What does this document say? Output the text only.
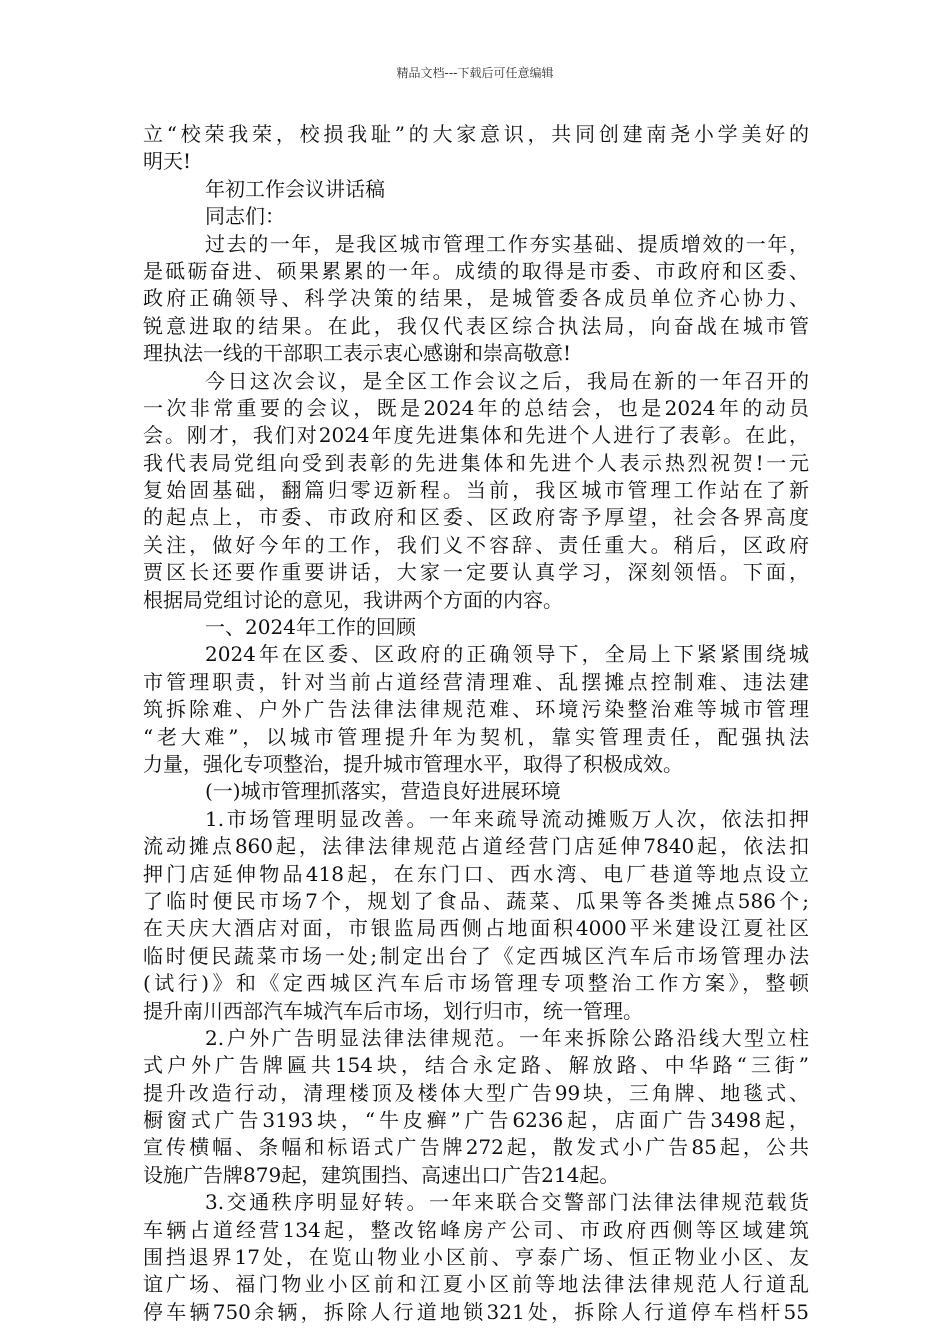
精品文档---下载后可任意编辑
立“校荣我荣，校损我耻”的大家意识，共同创建南尧小学美好的
明天!
年初工作会议讲话稿
同志们：
过去的一年，是我区城市管理工作夯实基础、提质增效的一年，
是砥砺奋进、硕果累累的一年。成绩的取得是市委、市政府和区委、
政府正确领导、科学决策的结果，是城管委各成员单位齐心协力、
锐意进取的结果。在此，我仅代表区综合执法局，向奋战在城市管
理执法一线的干部职工表示衷心感谢和崇高敬意!
今日这次会议，是全区工作会议之后，我局在新的一年召开的
一次非常重要的会议，既是2024年的总结会，也是2024年的动员
会。刚才，我们对2024年度先进集体和先进个人进行了表彰。在此，
我代表局党组向受到表彰的先进集体和先进个人表示热烈祝贺!一元
复始固基础，翻篇归零迈新程。当前，我区城市管理工作站在了新
的起点上，市委、市政府和区委、区政府寄予厚望，社会各界高度
关注，做好今年的工作，我们义不容辞、责任重大。稍后，区政府
贾区长还要作重要讲话，大家一定要认真学习，深刻领悟。下面，
根据局党组讨论的意见，我讲两个方面的内容。
一、2024年工作的回顾
2024年在区委、区政府的正确领导下，全局上下紧紧围绕城
市管理职责，针对当前占道经营清理难、乱摆摊点控制难、违法建
筑拆除难、户外广告法律法律规范难、环境污染整治难等城市管理
“老大难”，以城市管理提升年为契机，靠实管理责任，配强执法
力量，强化专项整治，提升城市管理水平，取得了积极成效。
(一)城市管理抓落实，营造良好进展环境
1.市场管理明显改善。一年来疏导流动摊贩万人次，依法扣押
流动摊点860起，法律法律规范占道经营门店延伸7840起，依法扣
押门店延伸物品418起，在东门口、西水湾、电厂巷道等地点设立
了临时便民市场7个，规划了食品、蔬菜、瓜果等各类摊点586个;
在天庆大酒店对面，市银监局西侧占地面积4000平米建设江夏社区
临时便民蔬菜市场一处;制定出台了《定西城区汽车后市场管理办法
(试行)》和《定西城区汽车后市场管理专项整治工作方案》，整顿
提升南川西部汽车城汽车后市场，划行归市，统一管理。
2.户外广告明显法律法律规范。一年来拆除公路沿线大型立柱
式户外广告牌匾共154块，结合永定路、解放路、中华路“三街”
提升改造行动，清理楼顶及楼体大型广告99块，三角牌、地毯式、
橱窗式广告3193块，“牛皮癣”广告6236起，店面广告3498起，
宣传横幅、条幅和标语式广告牌272起，散发式小广告85起，公共
设施广告牌879起，建筑围挡、高速出口广告214起。
3.交通秩序明显好转。一年来联合交警部门法律法律规范载货
车辆占道经营134起，整改铭峰房产公司、市政府西侧等区域建筑
围挡退界17处，在览山物业小区前、亨泰广场、恒正物业小区、友
谊广场、福门物业小区前和江夏小区前等地法律法律规范人行道乱
停车辆750余辆，拆除人行道地锁321处，拆除人行道停车档杆55
